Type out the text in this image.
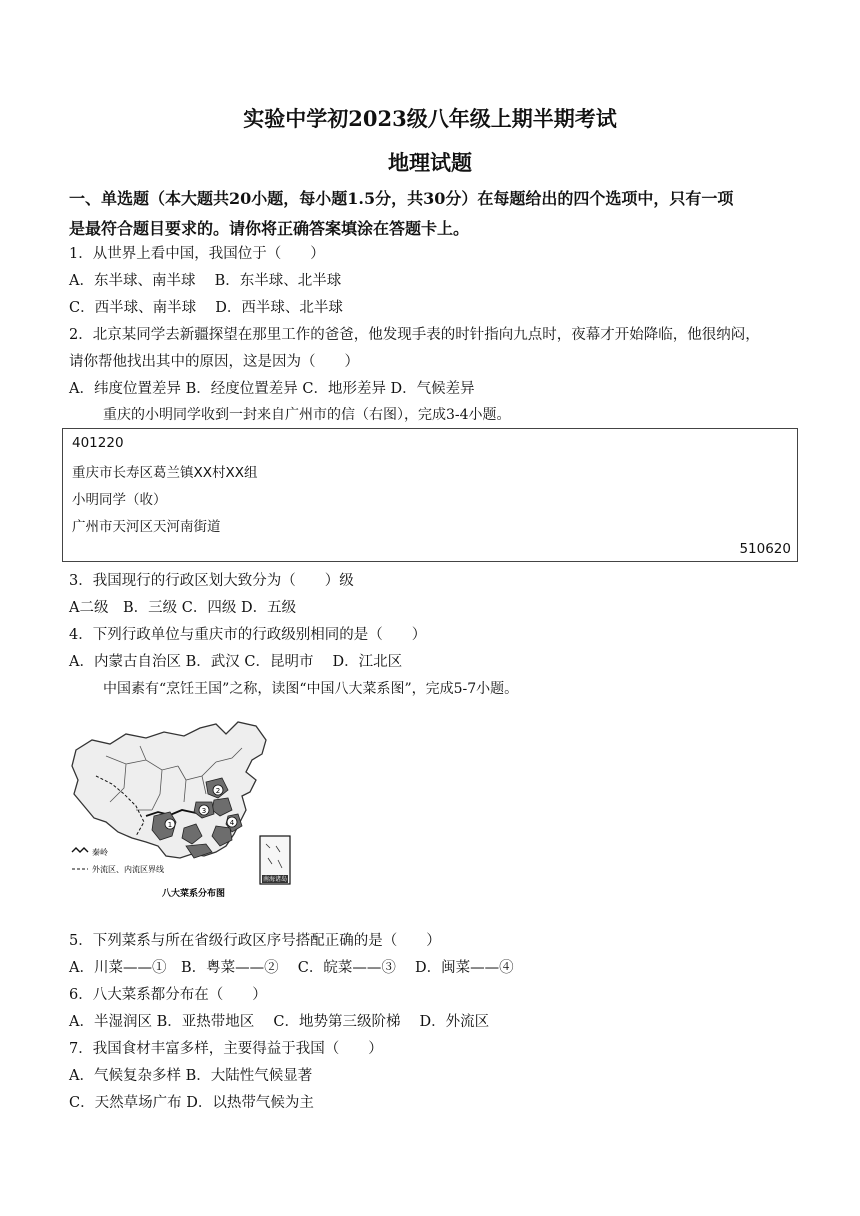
实验中学初2023级八年级上期半期考试
地理试题
一、单选题（本大题共20小题，每小题1.5分，共30分）在每题给出的四个选项中，只有一项
是最符合题目要求的。请你将正确答案填涂在答题卡上。
1．从世界上看中国，我国位于（　　）
A．东半球、南半球　 B．东半球、北半球
C．西半球、南半球　 D．西半球、北半球
2．北京某同学去新疆探望在那里工作的爸爸，他发现手表的时针指向九点时，夜幕才开始降临，他很纳闷，
请你帮他找出其中的原因，这是因为（　　）
A．纬度位置差异 B．经度位置差异 C．地形差异 D．气候差异
重庆的小明同学收到一封来自广州市的信（右图），完成3-4小题。
401220
重庆市长寿区葛兰镇XX村XX组
小明同学（收）
广州市天河区天河南街道
510620
3．我国现行的行政区划大致分为（　　）级
A二级　B．三级 C．四级 D．五级
4．下列行政单位与重庆市的行政级别相同的是（　　）
A．内蒙古自治区 B．武汉 C．昆明市　 D．江北区
中国素有“烹饪王国”之称，读图“中国八大菜系图”，完成5-7小题。
1
2
3
4
秦岭
外流区、内流区界线
南海诸岛
八大菜系分布图
5．下列菜系与所在省级行政区序号搭配正确的是（　　）
A．川菜——①　B．粤菜——②　 C．皖菜——③　 D．闽菜——④
6．八大菜系都分布在（　　）
A．半湿润区 B．亚热带地区　 C．地势第三级阶梯　 D．外流区
7．我国食材丰富多样，主要得益于我国（　　）
A．气候复杂多样 B．大陆性气候显著
C．天然草场广布 D．以热带气候为主
